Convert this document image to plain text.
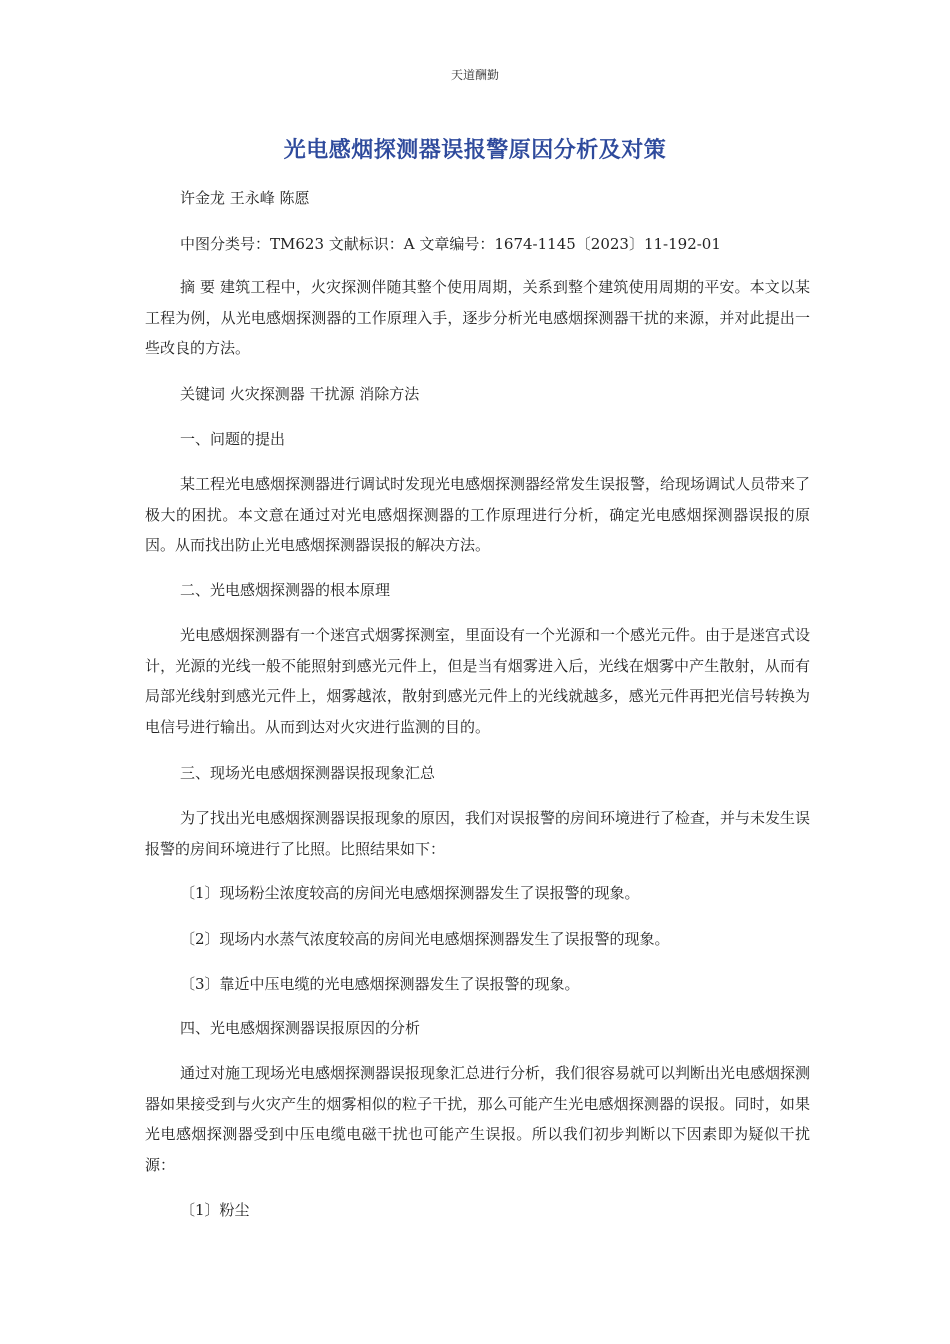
天道酬勤
光电感烟探测器误报警原因分析及对策
许金龙 王永峰 陈愿
中图分类号：TM623 文献标识：A 文章编号：1674-1145〔2023〕11-192-01
摘 要 建筑工程中，火灾探测伴随其整个使用周期，关系到整个建筑使用周期的平安。本文以某工程为例，从光电感烟探测器的工作原理入手，逐步分析光电感烟探测器干扰的来源，并对此提出一些改良的方法。
关键词 火灾探测器 干扰源 消除方法
一、问题的提出
某工程光电感烟探测器进行调试时发现光电感烟探测器经常发生误报警，给现场调试人员带来了极大的困扰。本文意在通过对光电感烟探测器的工作原理进行分析，确定光电感烟探测器误报的原因。从而找出防止光电感烟探测器误报的解决方法。
二、光电感烟探测器的根本原理
光电感烟探测器有一个迷宫式烟雾探测室，里面设有一个光源和一个感光元件。由于是迷宫式设计，光源的光线一般不能照射到感光元件上，但是当有烟雾进入后，光线在烟雾中产生散射，从而有局部光线射到感光元件上，烟雾越浓，散射到感光元件上的光线就越多，感光元件再把光信号转换为电信号进行输出。从而到达对火灾进行监测的目的。
三、现场光电感烟探测器误报现象汇总
为了找出光电感烟探测器误报现象的原因，我们对误报警的房间环境进行了检查，并与未发生误报警的房间环境进行了比照。比照结果如下：
〔1〕现场粉尘浓度较高的房间光电感烟探测器发生了误报警的现象。
〔2〕现场内水蒸气浓度较高的房间光电感烟探测器发生了误报警的现象。
〔3〕靠近中压电缆的光电感烟探测器发生了误报警的现象。
四、光电感烟探测器误报原因的分析
通过对施工现场光电感烟探测器误报现象汇总进行分析，我们很容易就可以判断出光电感烟探测器如果接受到与火灾产生的烟雾相似的粒子干扰，那么可能产生光电感烟探测器的误报。同时，如果光电感烟探测器受到中压电缆电磁干扰也可能产生误报。所以我们初步判断以下因素即为疑似干扰源：
〔1〕粉尘
